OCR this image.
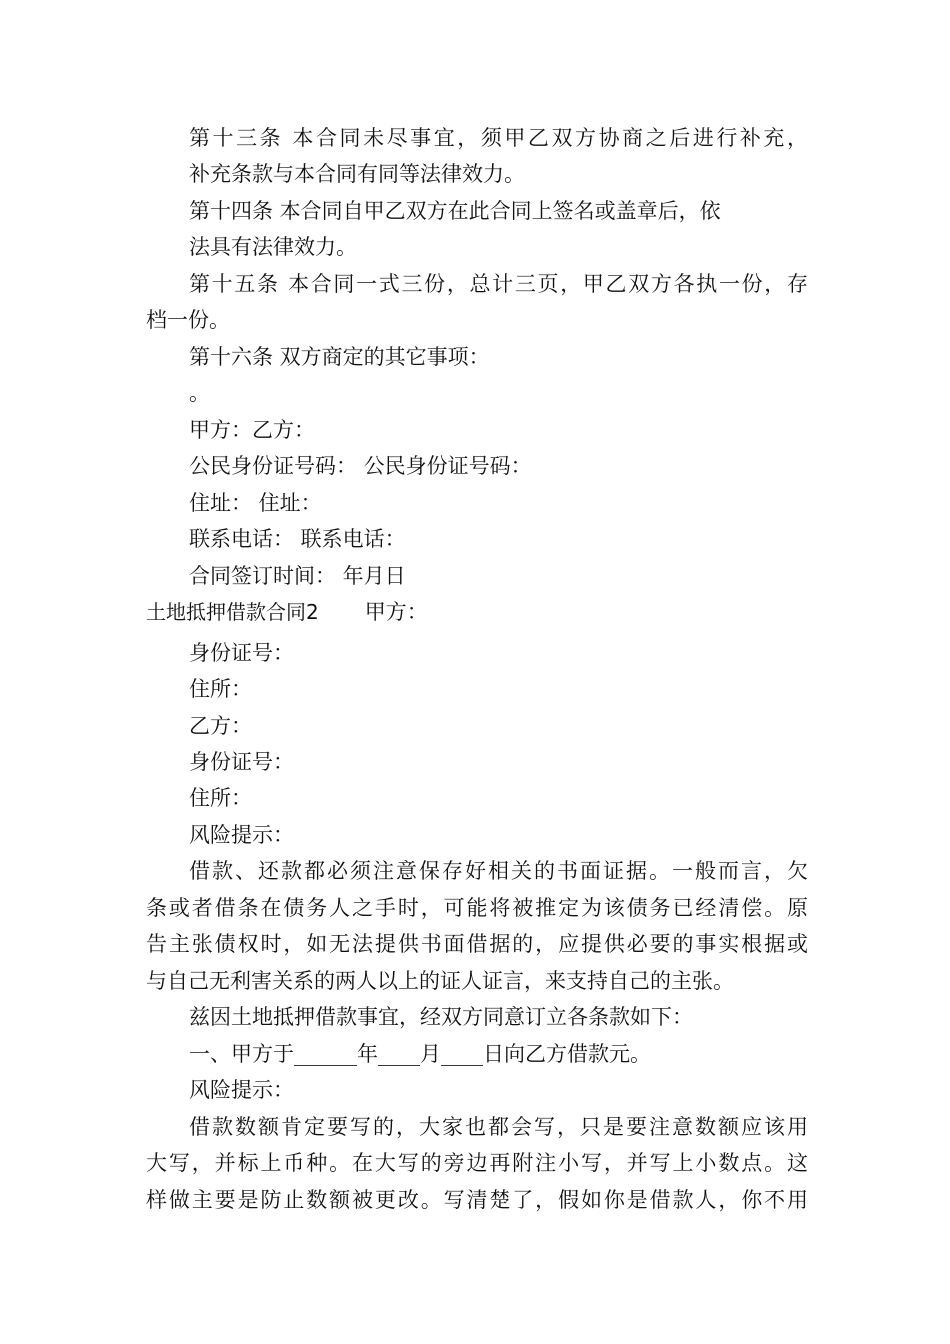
第十三条 本合同未尽事宜，须甲乙双方协商之后进行补充，
补充条款与本合同有同等法律效力。
第十四条 本合同自甲乙双方在此合同上签名或盖章后，依
法具有法律效力。
第十五条 本合同一式三份，总计三页，甲乙双方各执一份，存
档一份。
第十六条 双方商定的其它事项：
。
甲方：乙方：
公民身份证号码： 公民身份证号码：
住址： 住址：
联系电话： 联系电话：
合同签订时间： 年月日
土地抵押借款合同2 甲方：
身份证号：
住所：
乙方：
身份证号：
住所：
风险提示：
借款、还款都必须注意保存好相关的书面证据。一般而言，欠
条或者借条在债务人之手时，可能将被推定为该债务已经清偿。原
告主张债权时，如无法提供书面借据的，应提供必要的事实根据或
与自己无利害关系的两人以上的证人证言，来支持自己的主张。
兹因土地抵押借款事宜，经双方同意订立各条款如下：
一、甲方于______年____月____日向乙方借款元。
风险提示：
借款数额肯定要写的，大家也都会写，只是要注意数额应该用
大写，并标上币种。在大写的旁边再附注小写，并写上小数点。这
样做主要是防止数额被更改。写清楚了，假如你是借款人，你不用
